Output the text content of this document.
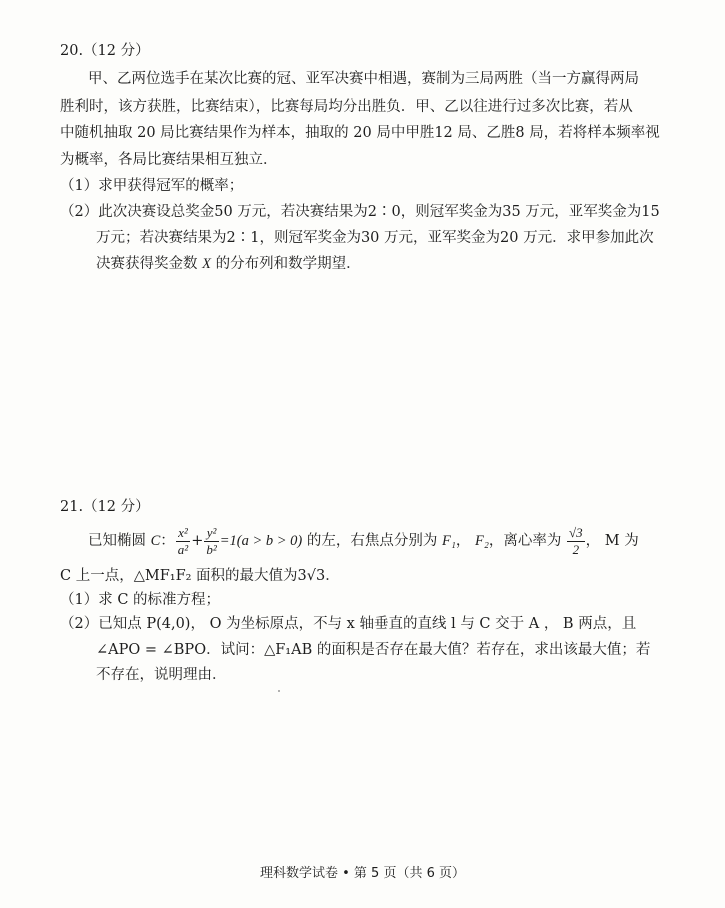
20.（12 分）
甲、乙两位选手在某次比赛的冠、亚军决赛中相遇，赛制为三局两胜（当一方赢得两局
胜利时，该方获胜，比赛结束），比赛每局均分出胜负．甲、乙以往进行过多次比赛，若从
中随机抽取 20 局比赛结果作为样本，抽取的 20 局中甲胜12 局、乙胜8 局，若将样本频率视
为概率，各局比赛结果相互独立．
（1）求甲获得冠军的概率；
（2）此次决赛设总奖金50 万元，若决赛结果为2∶0，则冠军奖金为35 万元，亚军奖金为15
万元；若决赛结果为2∶1，则冠军奖金为30 万元，亚军奖金为20 万元．求甲参加此次
决赛获得奖金数 X 的分布列和数学期望．
21.（12 分）
已知椭圆 C： $\frac{\text{x²}}{\text{a²}} + \frac{\text{y²}}{\text{b²}} =1(a > b > 0)$ 的左，右焦点分别为 F₁， F₂，离心率为 $\frac{√3}{2}$ ， M 为
C 上一点，△MF₁F₂ 面积的最大值为3√3．
（1）求 C 的标准方程；
（2）已知点 P(4,0)， O 为坐标原点，不与 x 轴垂直的直线 l 与 C 交于 A ， B 两点，且
∠APO = ∠BPO．试问：△F₁AB 的面积是否存在最大值？若存在，求出该最大值；若
不存在，说明理由．
理科数学试卷 • 第 5 页（共 6 页）
